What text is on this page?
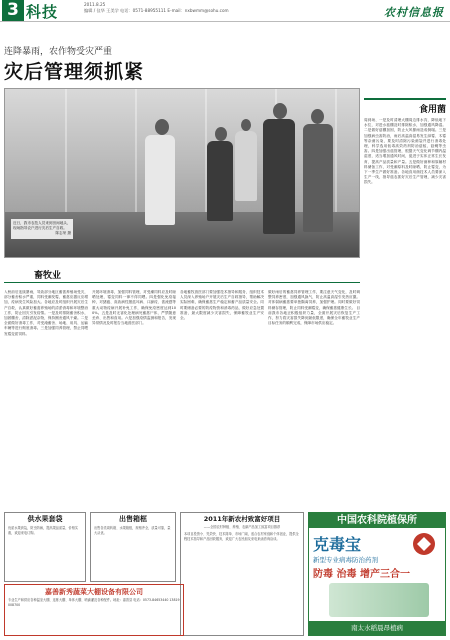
3 科技	2011.8.25
编辑 / 仪华 王美学 电话：0571-88955111 E-mail：nxbwmm@sohu.com	农村信息报
连降暴雨，农作物受灾严重
灾后管理须抓紧
近日，我市农技人员来到田间地头，现场指导农户进行灾后生产自救。
陈志荣 摄
食用菌
周到场、一是及时清理大棚周边排水沟，降低地下水位，对进水菇棚及时排除积水，加强通风降湿。二是做好菇棚加固，防止大风暴雨造成倒塌。三是加强病虫害防治，雨后高温高湿易发生绿霉、木霉等杂菌污染，要及时清除污染菌袋并进行消毒处理，科学选用低毒高效药剂防治菇蚊、菇蝇等虫害。四是加强出菇管理，根据天气变化调节棚内温湿度，适当增加通风时间，促进子实体正常生长发育，提高产品质量和产量。五是做好菌种和原辅材料储备工作，对受潮原料及时晾晒，防止霉变，为下一季生产做好准备。各地食用菌技术人员要深入生产一线，指导菇农抓好灾后生产管理，减少灾害损失。
畜牧业
入秋前后连续暴雨，导致部分地区畜禽养殖场受灾，部分畜舍积水严重，饲料受潮发霉，畜禽应激反应增加，疫病发生风险加大。各地应及时组织开展灾后生产自救，认真做好畜禽养殖场的清淤消毒和环境整治工作，防止因灾引发疫情。一是及时排除畜舍积水，加固棚舍，清除淤泥杂物，保持圈舍通风干燥。二是全面做好消毒工作，对受淹畜舍、场地、用具、运输车辆等进行彻底消毒。三是加强饲养管理，禁止饲喂发霉变质饲料。
开展环境消毒，加强饲料管理，对受潮饲料应及时晾晒处理，霉变饲料一律不得饲喂。四是强化免疫接种，对猪瘟、高致病性猪蓝耳病、口蹄疫、禽流感等重大动物疫病开展补免工作，确保免疫密度达到100%。五是及时无害化处理病死畜禽尸体，严禁随意丢弃、出售和食用。六是加强疫情监测和报告，发现异常情况及时报告当地兽医部门。
各地畜牧兽医部门要加强技术指导和服务，组织技术人员深入养殖场户开展灾后生产自救指导，帮助解决实际困难，确保畜禽生产稳定和畜产品质量安全。同时要储备必要的防疫物资和消毒药品，做好应急处置准备，最大限度减少灾害损失，保障畜牧业生产安全。
做好雨后的畜禽饲养管理工作，要注意天气变化，及时调整饲养密度，加强通风换气，防止高温高湿引发热应激。对体弱病畜禽要单独隔离饲养，加强护理。同时要做好饲料储存管理，防止饲料受潮霉变，确保畜禽健康生长。 目前我市各地正积极组织力量，全面开展灾后恢复生产工作，努力将灾害损失降到最低限度，确保全年畜牧业生产目标任务的顺利完成，保障市场供应稳定。
供水果套袋
优质水果套袋，防虫防病，提高果品质量，价格实惠，欢迎来电订购。
出售箱框
出售各类周转箱、水果箱框，规格齐全，质量可靠，量大从优。
2011年新农村致富好项目
——全国农村种植、养殖、农副产品加工致富项目推荐
本项目投资小、见效快、技术简单、市场广阔，适合农村家庭和个体创业，提供全程技术指导和产品回收服务，欢迎广大农民朋友来电来函咨询洽谈。
嘉善新秀蔬菜大棚设备有限公司
专业生产和供应各种温室大棚、连栋大棚、单体大棚、喷滴灌及各种配件。地址：嘉善县 电话：0573-84653440 13819008700
中国农科院植保所
克毒宝
新型专业病毒防治药剂
防毒 治毒 增产三合一
南太水稻晨昂植病
